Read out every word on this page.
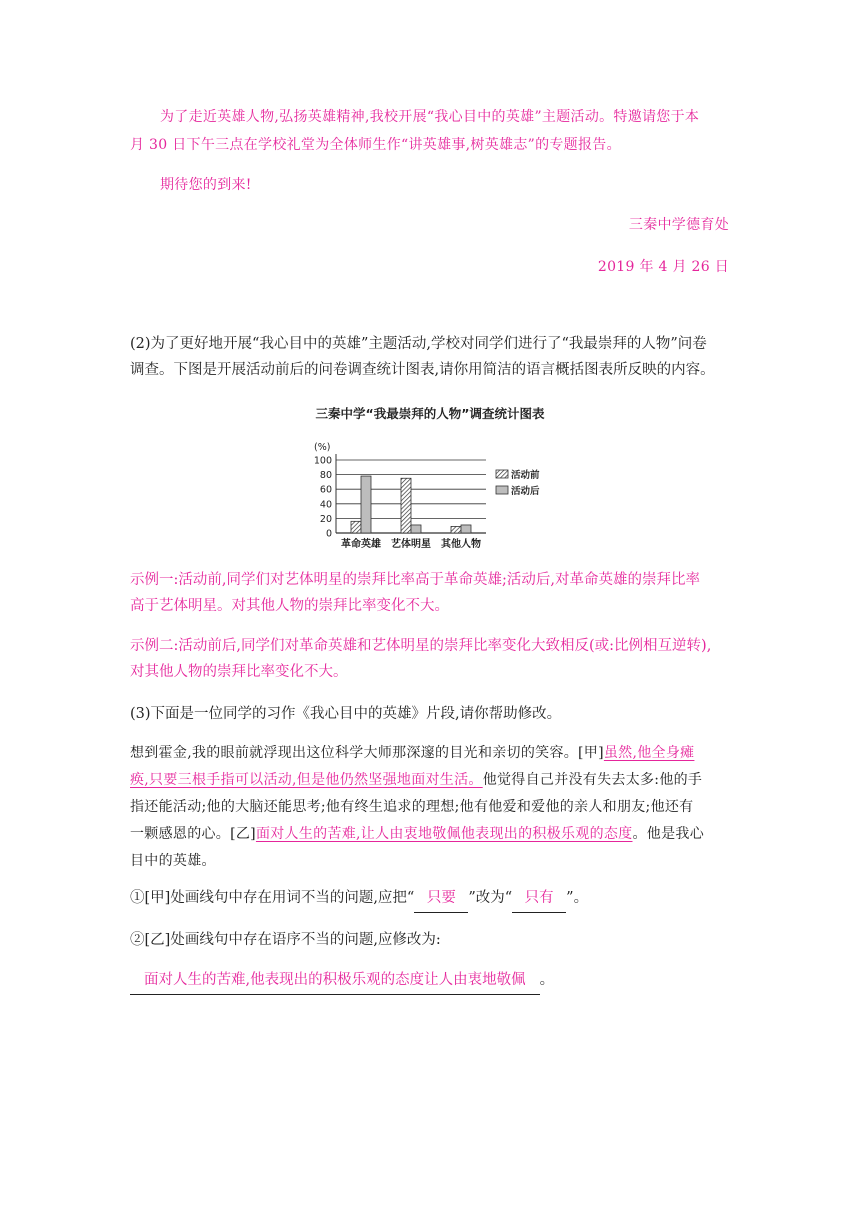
为了走近英雄人物,弘扬英雄精神,我校开展“我心目中的英雄”主题活动。特邀请您于本
月 30 日下午三点在学校礼堂为全体师生作“讲英雄事,树英雄志”的专题报告。
期待您的到来!
三秦中学德育处
2019 年 4 月 26 日
(2)为了更好地开展“我心目中的英雄”主题活动,学校对同学们进行了“我最崇拜的人物”问卷
调查。下图是开展活动前后的问卷调查统计图表,请你用简洁的语言概括图表所反映的内容。
三秦中学“我最崇拜的人物”调查统计图表
(%)
0
20
40
60
80
100
革命英雄 艺体明星 其他人物
活动前
活动后
示例一:活动前,同学们对艺体明星的崇拜比率高于革命英雄;活动后,对革命英雄的崇拜比率
高于艺体明星。对其他人物的崇拜比率变化不大。
示例二:活动前后,同学们对革命英雄和艺体明星的崇拜比率变化大致相反(或:比例相互逆转),
对其他人物的崇拜比率变化不大。
(3)下面是一位同学的习作《我心目中的英雄》片段,请你帮助修改。
想到霍金,我的眼前就浮现出这位科学大师那深邃的目光和亲切的笑容。[甲]虽然,他全身瘫
痪,只要三根手指可以活动,但是他仍然坚强地面对生活。他觉得自己并没有失去太多:他的手
指还能活动;他的大脑还能思考;他有终生追求的理想;他有他爱和爱他的亲人和朋友;他还有
一颗感恩的心。[乙]面对人生的苦难,让人由衷地敬佩他表现出的积极乐观的态度。他是我心
目中的英雄。
①[甲]处画线句中存在用词不当的问题,应把“ 只要 ”改为“ 只有 ”。
②[乙]处画线句中存在语序不当的问题,应修改为:
面对人生的苦难,他表现出的积极乐观的态度让人由衷地敬佩 。
